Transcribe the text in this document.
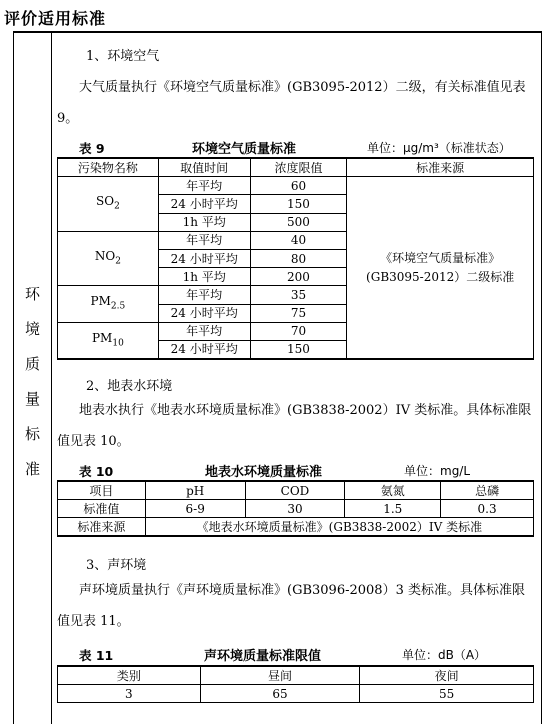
评价适用标准
环
境
质
量
标
准
1、环境空气
大气质量执行《环境空气质量标准》(GB3095-2012）二级，有关标准值见表 9。
表 9	环境空气质量标准	单位：μg/m³（标准状态）
污染物名称	取值时间	浓度限值	标准来源
$SO_2$	年平均	60	《环境空气质量标准》
(GB3095-2012）二级标准

	24 小时平均	150	
	1h 平均	500	
$NO_2$	年平均	40	
	24 小时平均	80	
	1h 平均	200	
$PM_{2.5}$	年平均	35	
	24 小时平均	75	
$PM_{10}$	年平均	70	
	24 小时平均	150	
2、地表水环境
地表水执行《地表水环境质量标准》(GB3838-2002）IV 类标准。具体标准限值见表 10。
表 10	地表水环境质量标准	单位：mg/L
项目	pH	COD	氨氮	总磷
标准值	6-9	30	1.5	0.3
标准来源	《地表水环境质量标准》(GB3838-2002）IV 类标准			
3、声环境
声环境质量执行《声环境质量标准》(GB3096-2008）3 类标准。具体标准限值见表 11。
表 11	声环境质量标准限值	单位：dB（A）
类别	昼间	夜间
3	65	55
